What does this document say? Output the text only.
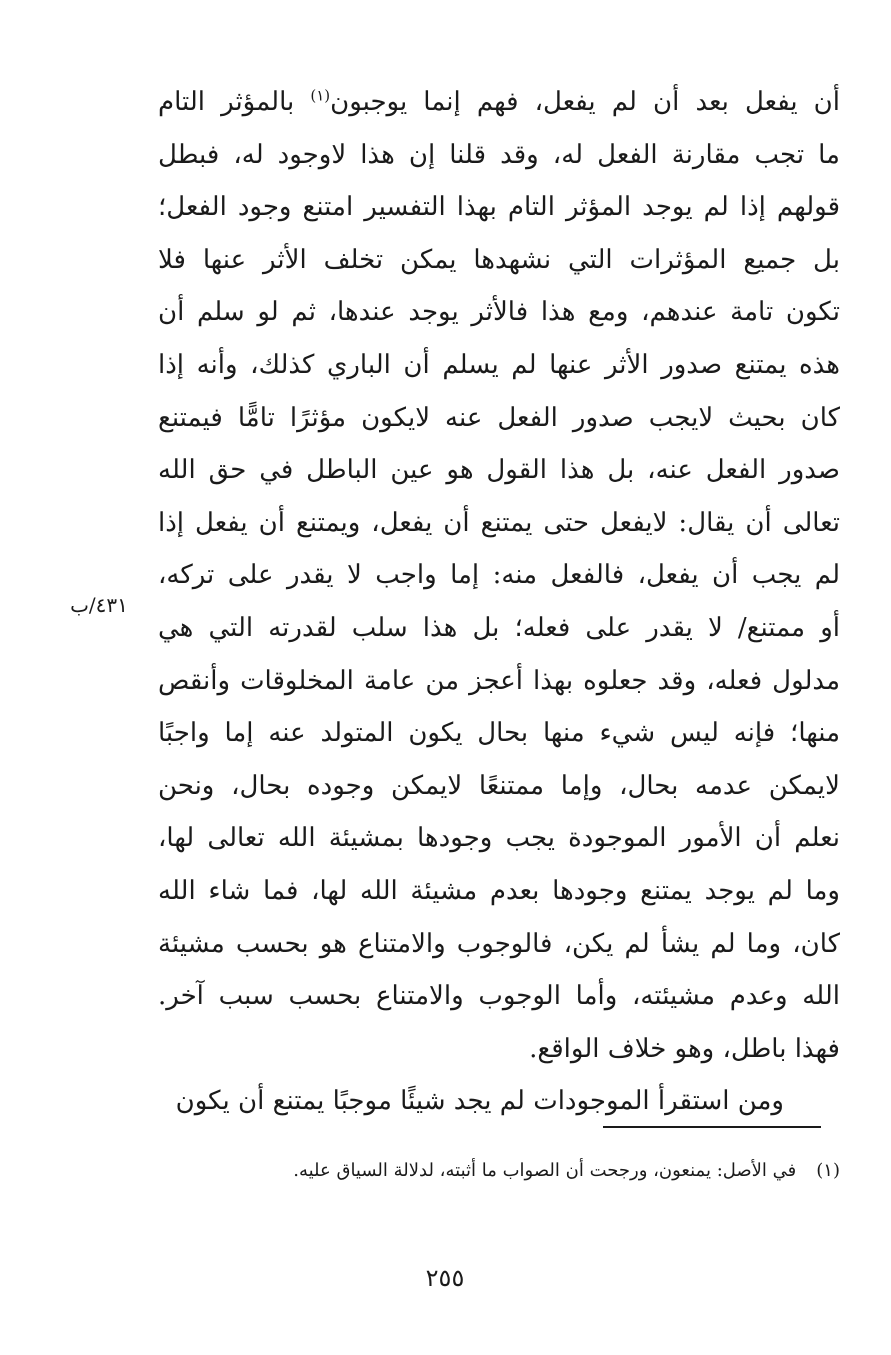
أن يفعل بعد أن لم يفعل، فهم إنما يوجبون$^{(١)}$ بالمؤثر التام
ما تجب مقارنة الفعل له، وقد قلنا إن هذا لاوجود له، فبطل
قولهم إذا لم يوجد المؤثر التام بهذا التفسير امتنع وجود الفعل؛
بل جميع المؤثرات التي نشهدها يمكن تخلف الأثر عنها فلا
تكون تامة عندهم، ومع هذا فالأثر يوجد عندها، ثم لو سلم أن
هذه يمتنع صدور الأثر عنها لم يسلم أن الباري كذلك، وأنه إذا
كان بحيث لايجب صدور الفعل عنه لايكون مؤثرًا تامًّا فيمتنع
صدور الفعل عنه، بل هذا القول هو عين الباطل في حق الله
تعالى أن يقال: لايفعل حتى يمتنع أن يفعل، ويمتنع أن يفعل إذا
لم يجب أن يفعل، فالفعل منه: إما واجب لا يقدر على تركه،
أو ممتنع/ لا يقدر على فعله؛ بل هذا سلب لقدرته التي هي
مدلول فعله، وقد جعلوه بهذا أعجز من عامة المخلوقات وأنقص
منها؛ فإنه ليس شيء منها بحال يكون المتولد عنه إما واجبًا
لايمكن عدمه بحال، وإما ممتنعًا لايمكن وجوده بحال، ونحن
نعلم أن الأمور الموجودة يجب وجودها بمشيئة الله تعالى لها،
وما لم يوجد يمتنع وجودها بعدم مشيئة الله لها، فما شاء الله
كان، وما لم يشأ لم يكن، فالوجوب والامتناع هو بحسب مشيئة
الله وعدم مشيئته، وأما الوجوب والامتناع بحسب سبب آخر.
فهذا باطل، وهو خلاف الواقع.
ومن استقرأ الموجودات لم يجد شيئًا موجبًا يمتنع أن يكون
٤٣١/ب
(١)في الأصل: يمنعون، ورجحت أن الصواب ما أثبته، لدلالة السياق عليه.
٢٥٥
